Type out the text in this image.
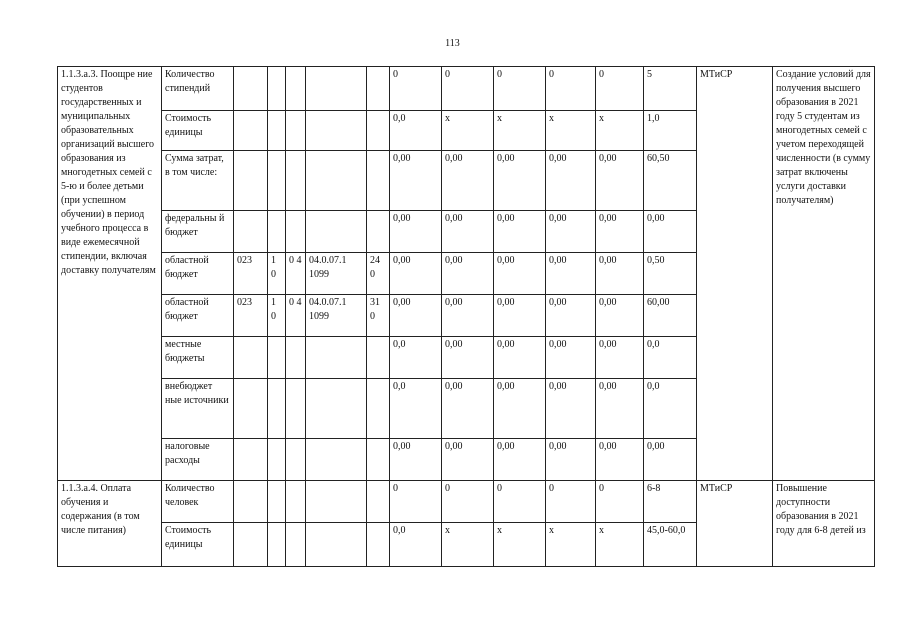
113
1.1.3.а.3. Поощре ние студентов государственных и муниципальных образовательных организаций высшего образования из многодетных семей с 5-ю и более детьми (при успешном обучении) в период учебного процесса в виде ежемесячной стипендии, включая доставку получателям	Количество стипендий						0	0	0	0	0	5	МТиСР	Создание условий для получения высшего образования в 2021 году 5 студентам из многодетных семей с учетом переходящей численности (в сумму затрат включены услуги доставки получателям)
	Стоимость единицы						0,0	x	x	x	x	1,0		
	Сумма затрат, в том числе:						0,00	0,00	0,00	0,00	0,00	60,50		
	федеральны й бюджет						0,00	0,00	0,00	0,00	0,00	0,00		
	областной бюджет	023	1 0	0 4	04.0.07.1 1099	24 0	0,00	0,00	0,00	0,00	0,00	0,50		
	областной бюджет	023	1 0	0 4	04.0.07.1 1099	31 0	0,00	0,00	0,00	0,00	0,00	60,00		
	местные бюджеты						0,0	0,00	0,00	0,00	0,00	0,0		
	внебюджет ные источники						0,0	0,00	0,00	0,00	0,00	0,0		
	налоговые расходы						0,00	0,00	0,00	0,00	0,00	0,00		
1.1.3.а.4. Оплата обучения и содержания (в том числе питания)	Количество человек						0	0	0	0	0	6-8	МТиСР	Повышение доступности образования в 2021 году для 6-8 детей из
	Стоимость единицы						0,0	x	x	x	x	45,0-60,0		
